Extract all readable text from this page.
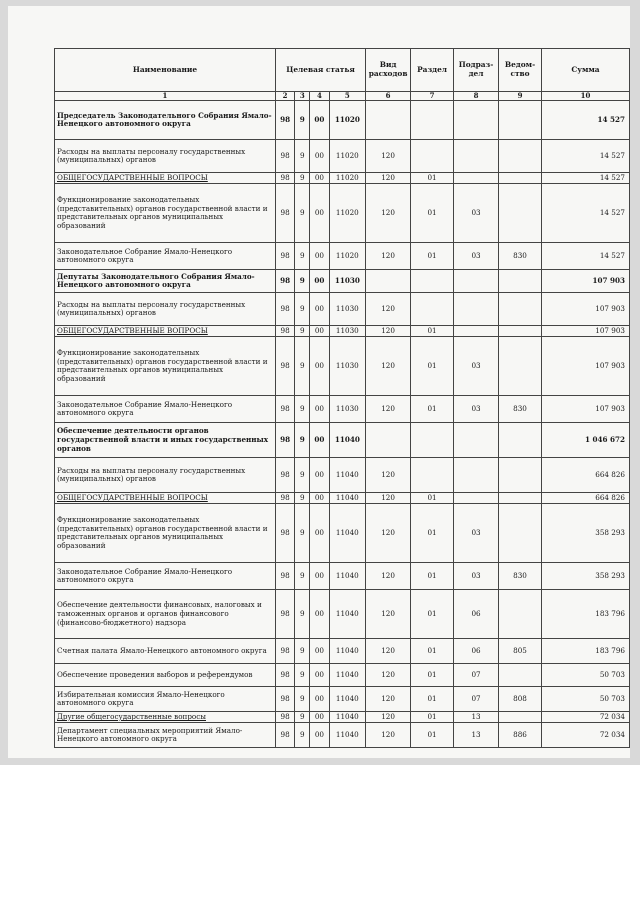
Наименование	Целевая статья				Вид расходов	Раздел	Подраз-дел	Ведом-ство	Сумма
1	2	3	4	5	6	7	8	9	10
Председатель Законодательного Собрания Ямало-Ненецкого автономного округа	98	9	00	11020					14 527
Расходы на выплаты персоналу государственных (муниципальных) органов	98	9	00	11020	120				14 527
ОБЩЕГОСУДАРСТВЕННЫЕ ВОПРОСЫ	98	9	00	11020	120	01			14 527
Функционирование законодательных (представительных) органов государственной власти и представительных органов муниципальных образований	98	9	00	11020	120	01	03		14 527
Законодательное Собрание Ямало-Ненецкого автономного округа	98	9	00	11020	120	01	03	830	14 527
Депутаты Законодательного Собрания Ямало-Ненецкого автономного округа	98	9	00	11030					107 903
Расходы на выплаты персоналу государственных (муниципальных) органов	98	9	00	11030	120				107 903
ОБЩЕГОСУДАРСТВЕННЫЕ ВОПРОСЫ	98	9	00	11030	120	01			107 903
Функционирование законодательных (представительных) органов государственной власти и представительных органов муниципальных образований	98	9	00	11030	120	01	03		107 903
Законодательное Собрание Ямало-Ненецкого автономного округа	98	9	00	11030	120	01	03	830	107 903
Обеспечение деятельности органов государственной власти и иных государственных органов	98	9	00	11040					1 046 672
Расходы на выплаты персоналу государственных (муниципальных) органов	98	9	00	11040	120				664 826
ОБЩЕГОСУДАРСТВЕННЫЕ ВОПРОСЫ	98	9	00	11040	120	01			664 826
Функционирование законодательных (представительных) органов государственной власти и представительных органов муниципальных образований	98	9	00	11040	120	01	03		358 293
Законодательное Собрание Ямало-Ненецкого автономного округа	98	9	00	11040	120	01	03	830	358 293
Обеспечение деятельности финансовых, налоговых и таможенных органов и органов финансового (финансово-бюджетного) надзора	98	9	00	11040	120	01	06		183 796
Счетная палата Ямало-Ненецкого автономного округа	98	9	00	11040	120	01	06	805	183 796
Обеспечение проведения выборов и референдумов	98	9	00	11040	120	01	07		50 703
Избирательная комиссия Ямало-Ненецкого автономного округа	98	9	00	11040	120	01	07	808	50 703
Другие общегосударственные вопросы	98	9	00	11040	120	01	13		72 034
Департамент специальных мероприятий Ямало-Ненецкого автономного округа	98	9	00	11040	120	01	13	886	72 034
